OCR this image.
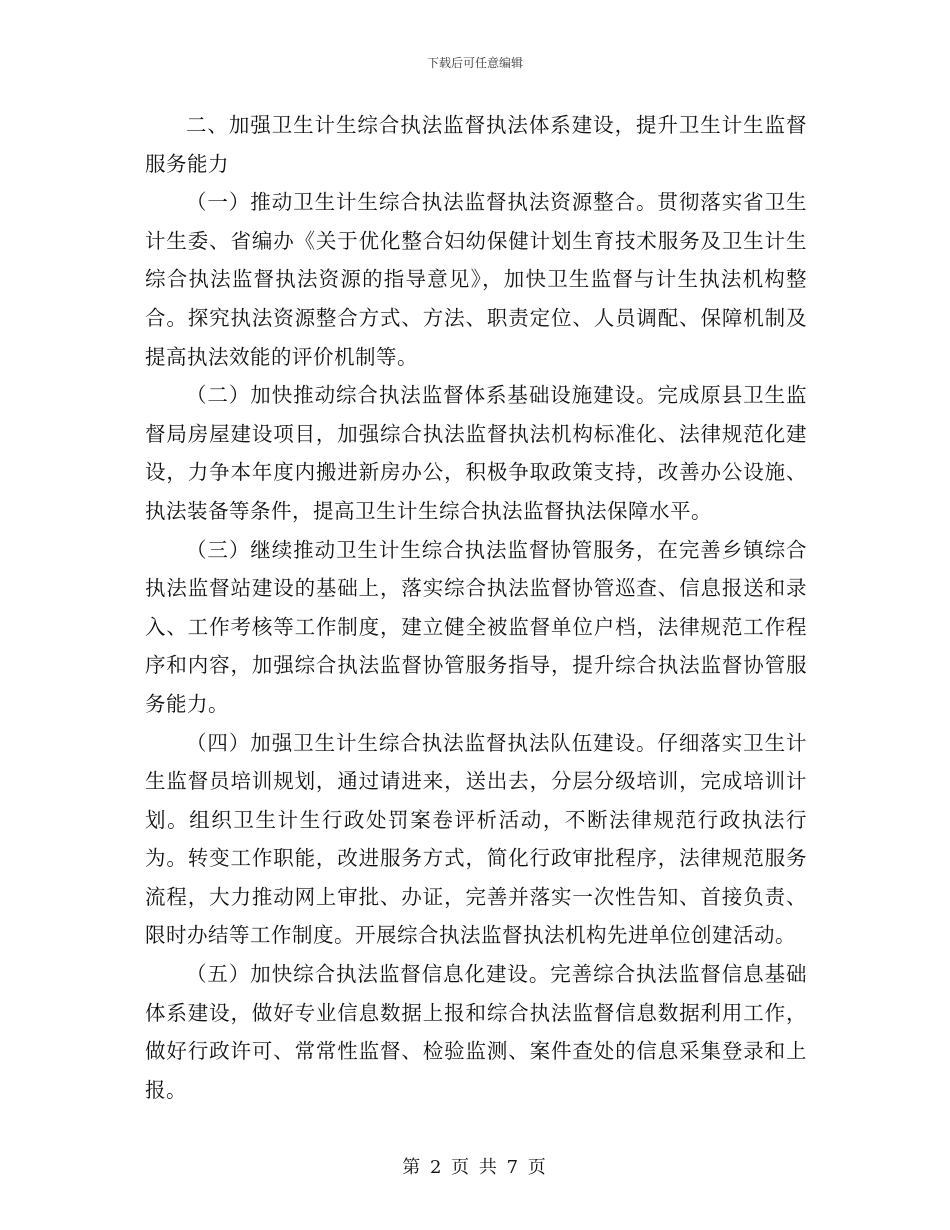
下载后可任意编辑

二、加强卫生计生综合执法监督执法体系建设，提升卫生计生监督服务能力

（一）推动卫生计生综合执法监督执法资源整合。贯彻落实省卫生计生委、省编办《关于优化整合妇幼保健计划生育技术服务及卫生计生综合执法监督执法资源的指导意见》，加快卫生监督与计生执法机构整合。探究执法资源整合方式、方法、职责定位、人员调配、保障机制及提高执法效能的评价机制等。

（二）加快推动综合执法监督体系基础设施建设。完成原县卫生监督局房屋建设项目，加强综合执法监督执法机构标准化、法律规范化建设，力争本年度内搬进新房办公，积极争取政策支持，改善办公设施、执法装备等条件，提高卫生计生综合执法监督执法保障水平。

（三）继续推动卫生计生综合执法监督协管服务，在完善乡镇综合执法监督站建设的基础上，落实综合执法监督协管巡查、信息报送和录入、工作考核等工作制度，建立健全被监督单位户档，法律规范工作程序和内容，加强综合执法监督协管服务指导，提升综合执法监督协管服务能力。

（四）加强卫生计生综合执法监督执法队伍建设。仔细落实卫生计生监督员培训规划，通过请进来，送出去，分层分级培训，完成培训计划。组织卫生计生行政处罚案卷评析活动，不断法律规范行政执法行为。转变工作职能，改进服务方式，简化行政审批程序，法律规范服务流程，大力推动网上审批、办证，完善并落实一次性告知、首接负责、限时办结等工作制度。开展综合执法监督执法机构先进单位创建活动。

（五）加快综合执法监督信息化建设。完善综合执法监督信息基础体系建设，做好专业信息数据上报和综合执法监督信息数据利用工作，做好行政许可、常常性监督、检验监测、案件查处的信息采集登录和上报。

第 2 页 共 7 页
